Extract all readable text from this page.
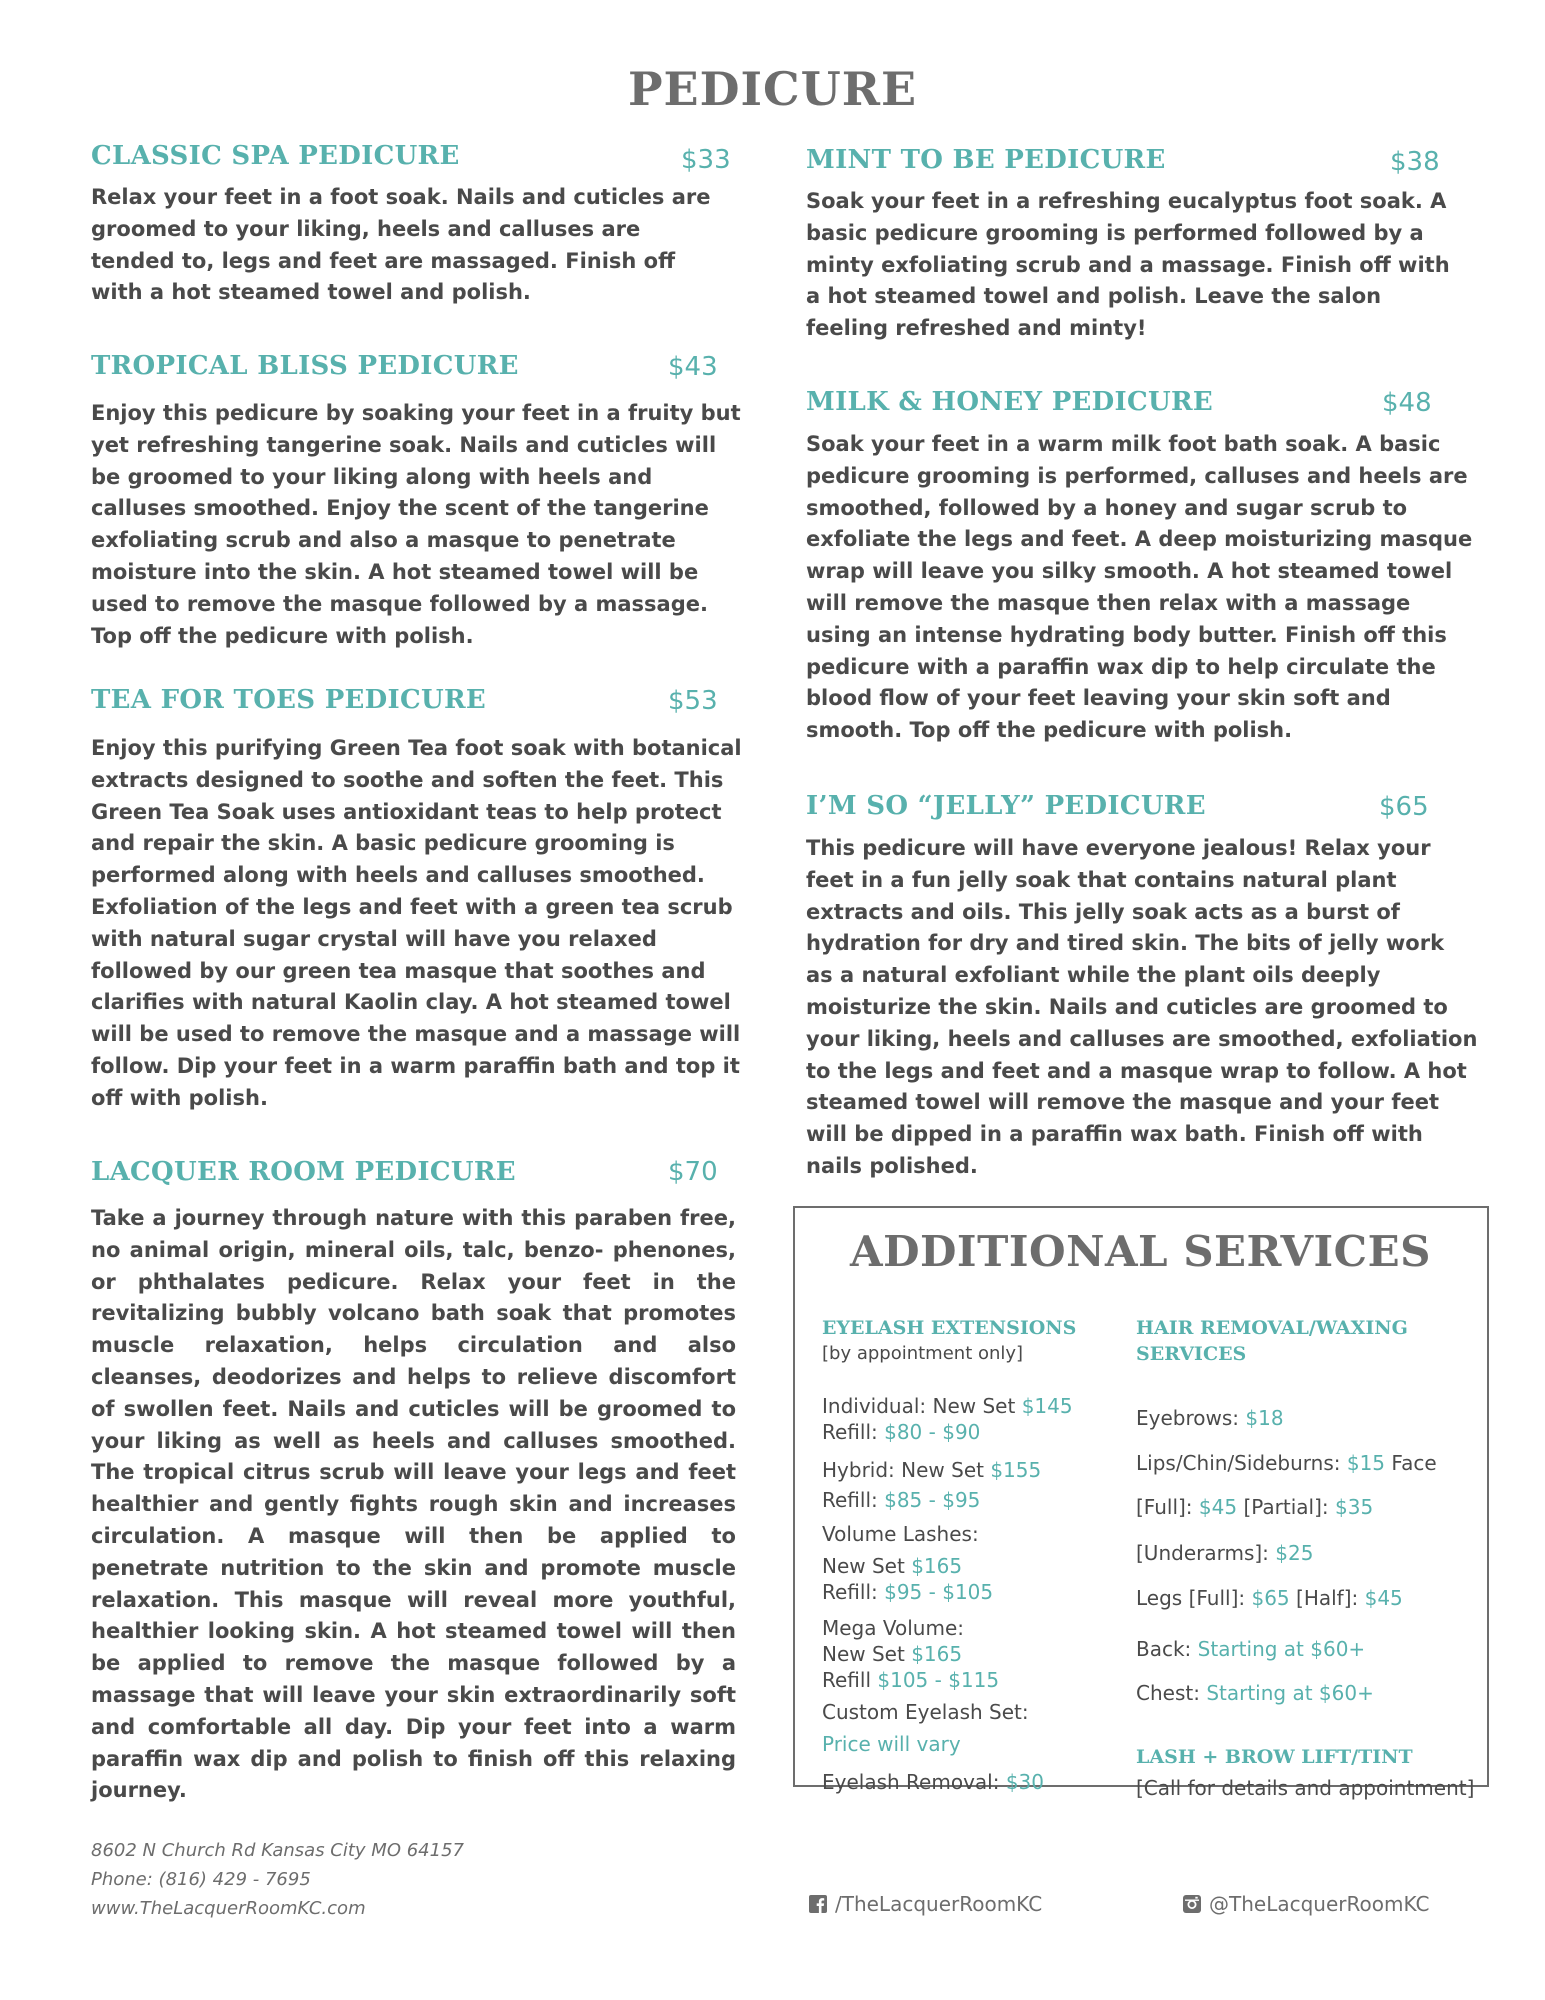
PEDICURE
CLASSIC SPA PEDICURE	$33
Relax your feet in a foot soak. Nails and cuticles are groomed to your liking, heels and calluses are tended to, legs and feet are massaged. Finish off with a hot steamed towel and polish.
TROPICAL BLISS PEDICURE	$43
Enjoy this pedicure by soaking your feet in a fruity but yet refreshing tangerine soak. Nails and cuticles will be groomed to your liking along with heels and calluses smoothed. Enjoy the scent of the tangerine exfoliating scrub and also a masque to penetrate moisture into the skin. A hot steamed towel will be used to remove the masque followed by a massage. Top off the pedicure with polish.
TEA FOR TOES PEDICURE	$53
Enjoy this purifying Green Tea foot soak with botanical extracts designed to soothe and soften the feet. This Green Tea Soak uses antioxidant teas to help protect and repair the skin. A basic pedicure grooming is performed along with heels and calluses smoothed. Exfoliation of the legs and feet with a green tea scrub with natural sugar crystal will have you relaxed followed by our green tea masque that soothes and clarifies with natural Kaolin clay. A hot steamed towel will be used to remove the masque and a massage will follow. Dip your feet in a warm paraffin bath and top it off with polish.
LACQUER ROOM PEDICURE	$70
Take a journey through nature with this paraben free, no animal origin, mineral oils, talc, benzo- phenones, or phthalates pedicure. Relax your feet in the revitalizing bubbly volcano bath soak that promotes muscle relaxation, helps circulation and also cleanses, deodorizes and helps to relieve discomfort of swollen feet. Nails and cuticles will be groomed to your liking as well as heels and calluses smoothed. The tropical citrus scrub will leave your legs and feet healthier and gently fights rough skin and increases circulation. A masque will then be applied to penetrate nutrition to the skin and promote muscle relaxation. This masque will reveal more youthful, healthier looking skin. A hot steamed towel will then be applied to remove the masque followed by a massage that will leave your skin extraordinarily soft and comfortable all day. Dip your feet into a warm paraffin wax dip and polish to finish off this relaxing journey.
MINT TO BE PEDICURE	$38
Soak your feet in a refreshing eucalyptus foot soak. A basic pedicure grooming is performed followed by a minty exfoliating scrub and a massage. Finish off with a hot steamed towel and polish. Leave the salon feeling refreshed and minty!
MILK & HONEY PEDICURE	$48
Soak your feet in a warm milk foot bath soak. A basic pedicure grooming is performed, calluses and heels are smoothed, followed by a honey and sugar scrub to exfoliate the legs and feet. A deep moisturizing masque wrap will leave you silky smooth. A hot steamed towel will remove the masque then relax with a massage using an intense hydrating body butter. Finish off this pedicure with a paraffin wax dip to help circulate the blood flow of your feet leaving your skin soft and smooth. Top off the pedicure with polish.
I’M SO “JELLY” PEDICURE	$65
This pedicure will have everyone jealous! Relax your feet in a fun jelly soak that contains natural plant extracts and oils. This jelly soak acts as a burst of hydration for dry and tired skin. The bits of jelly work as a natural exfoliant while the plant oils deeply moisturize the skin. Nails and cuticles are groomed to your liking, heels and calluses are smoothed, exfoliation to the legs and feet and a masque wrap to follow. A hot steamed towel will remove the masque and your feet will be dipped in a paraffin wax bath. Finish off with nails polished.
ADDITIONAL SERVICES
EYELASH EXTENSIONS
[by appointment only]
Individual: New Set $145
Refill: $80 - $90
Hybrid: New Set $155
Refill: $85 - $95
Volume Lashes:
New Set $165
Refill: $95 - $105
Mega Volume:
New Set $165
Refill $105 - $115
Custom Eyelash Set:
Price will vary
Eyelash Removal: $30
HAIR REMOVAL/WAXING
SERVICES
Eyebrows: $18
Lips/Chin/Sideburns: $15 Face
[Full]: $45 [Partial]: $35
[Underarms]: $25
Legs [Full]: $65 [Half]: $45
Back: Starting at $60+
Chest: Starting at $60+
LASH + BROW LIFT/TINT
[Call for details and appointment]
8602 N Church Rd Kansas City MO 64157
Phone: (816) 429 - 7695
www.TheLacquerRoomKC.com	/TheLacquerRoomKC	@TheLacquerRoomKC
